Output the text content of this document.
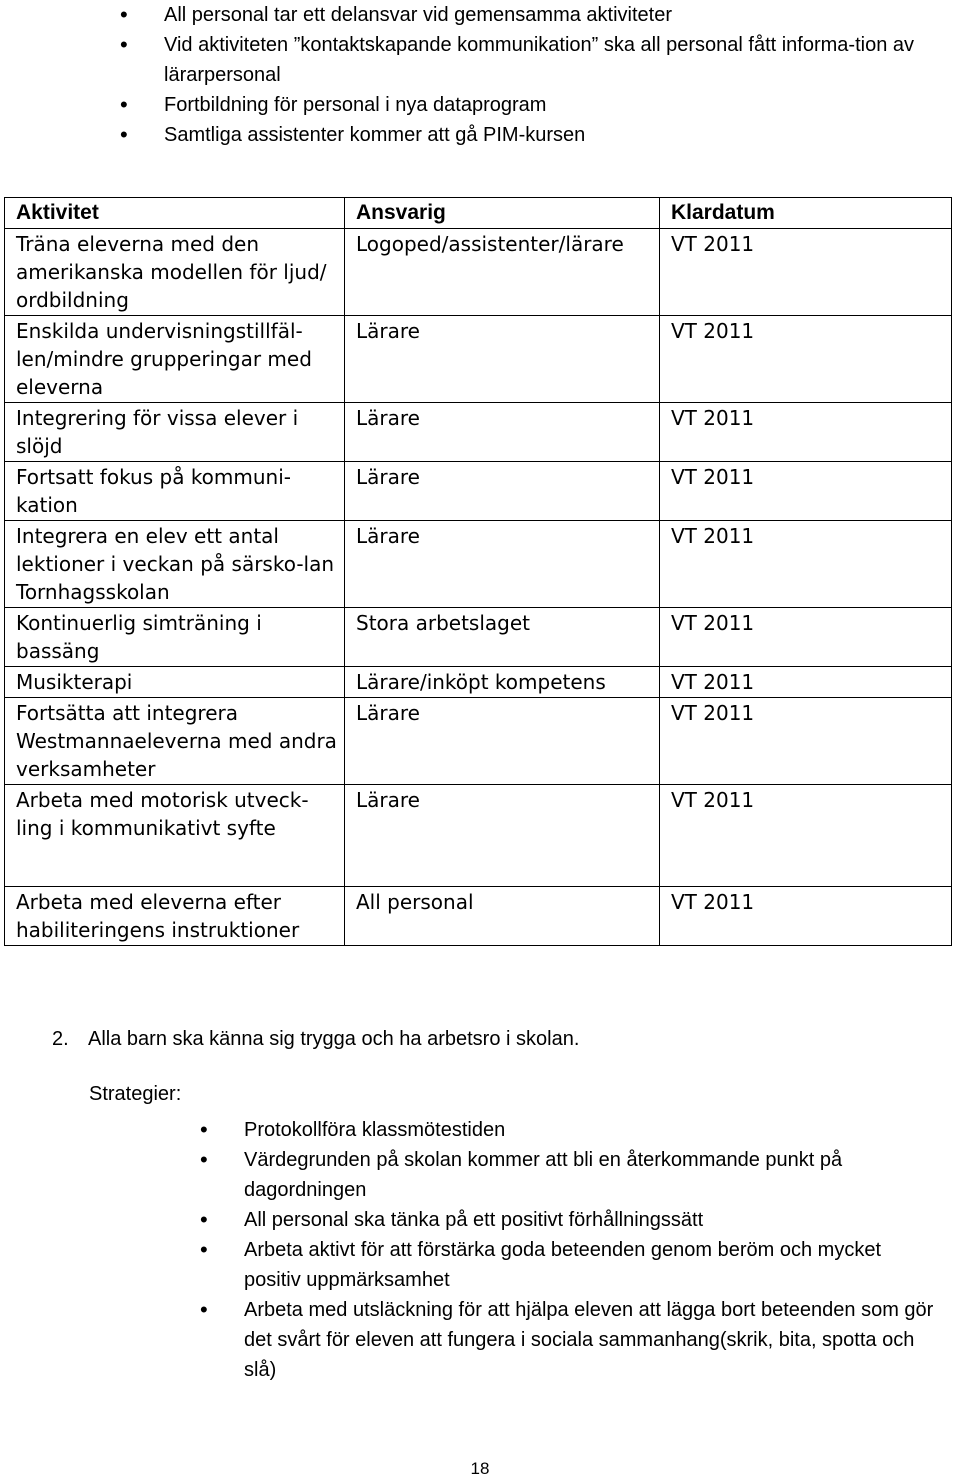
• All personal tar ett delansvar vid gemensamma aktiviteter
• Vid aktiviteten ”kontaktskapande kommunikation” ska all personal fått informa-tion av lärarpersonal
• Fortbildning för personal i nya dataprogram
• Samtliga assistenter kommer att gå PIM-kursen
Aktivitet	Ansvarig	Klardatum
Träna eleverna med den amerikanska modellen för ljud/ ordbildning	Logoped/assistenter/lärare	VT 2011
Enskilda undervisningstillfäl-len/mindre grupperingar med eleverna	Lärare	VT 2011
Integrering för vissa elever i slöjd	Lärare	VT 2011
Fortsatt fokus på kommuni-kation	Lärare	VT 2011
Integrera en elev ett antal lektioner i veckan på särsko-lan Tornhagsskolan	Lärare	VT 2011
Kontinuerlig simträning i bassäng	Stora arbetslaget	VT 2011
Musikterapi	Lärare/inköpt kompetens	VT 2011
Fortsätta att integrera Westmannaeleverna med andra verksamheter	Lärare	VT 2011
Arbeta med motorisk utveck-ling i kommunikativt syfte	Lärare	VT 2011

Arbeta med eleverna efter habiliteringens instruktioner	All personal	VT 2011
2. Alla barn ska känna sig trygga och ha arbetsro i skolan.
Strategier:
• Protokollföra klassmötestiden
• Värdegrunden på skolan kommer att bli en återkommande punkt på dagordningen
• All personal ska tänka på ett positivt förhållningssätt
• Arbeta aktivt för att förstärka goda beteenden genom beröm och mycket positiv uppmärksamhet
• Arbeta med utsläckning för att hjälpa eleven att lägga bort beteenden som gör det svårt för eleven att fungera i sociala sammanhang(skrik, bita, spotta och slå)
18
